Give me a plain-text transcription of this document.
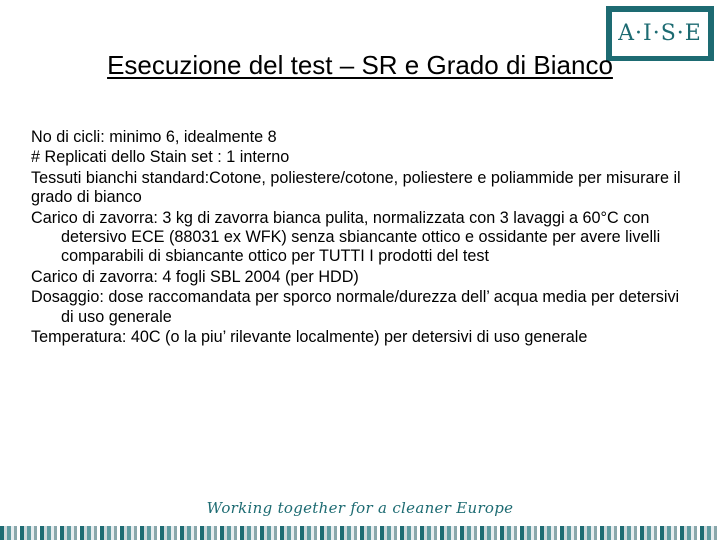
A·I·S·E
Esecuzione del test – SR e Grado di Bianco

No di cicli: minimo 6, idealmente 8

# Replicati dello Stain set : 1 interno

Tessuti bianchi standard:Cotone, poliestere/cotone, poliestere e poliammide per misurare il grado di bianco

Carico di zavorra: 3 kg di zavorra bianca pulita, normalizzata con 3 lavaggi a 60°C con detersivo ECE (88031 ex WFK) senza sbiancante ottico e ossidante per avere livelli comparabili di sbiancante ottico per TUTTI I prodotti del test

Carico di zavorra: 4 fogli SBL 2004 (per HDD)

Dosaggio: dose raccomandata per sporco normale/durezza dell’ acqua media per detersivi di uso generale

Temperatura: 40C (o la piu’ rilevante localmente) per detersivi di uso generale

Working together for a cleaner Europe
